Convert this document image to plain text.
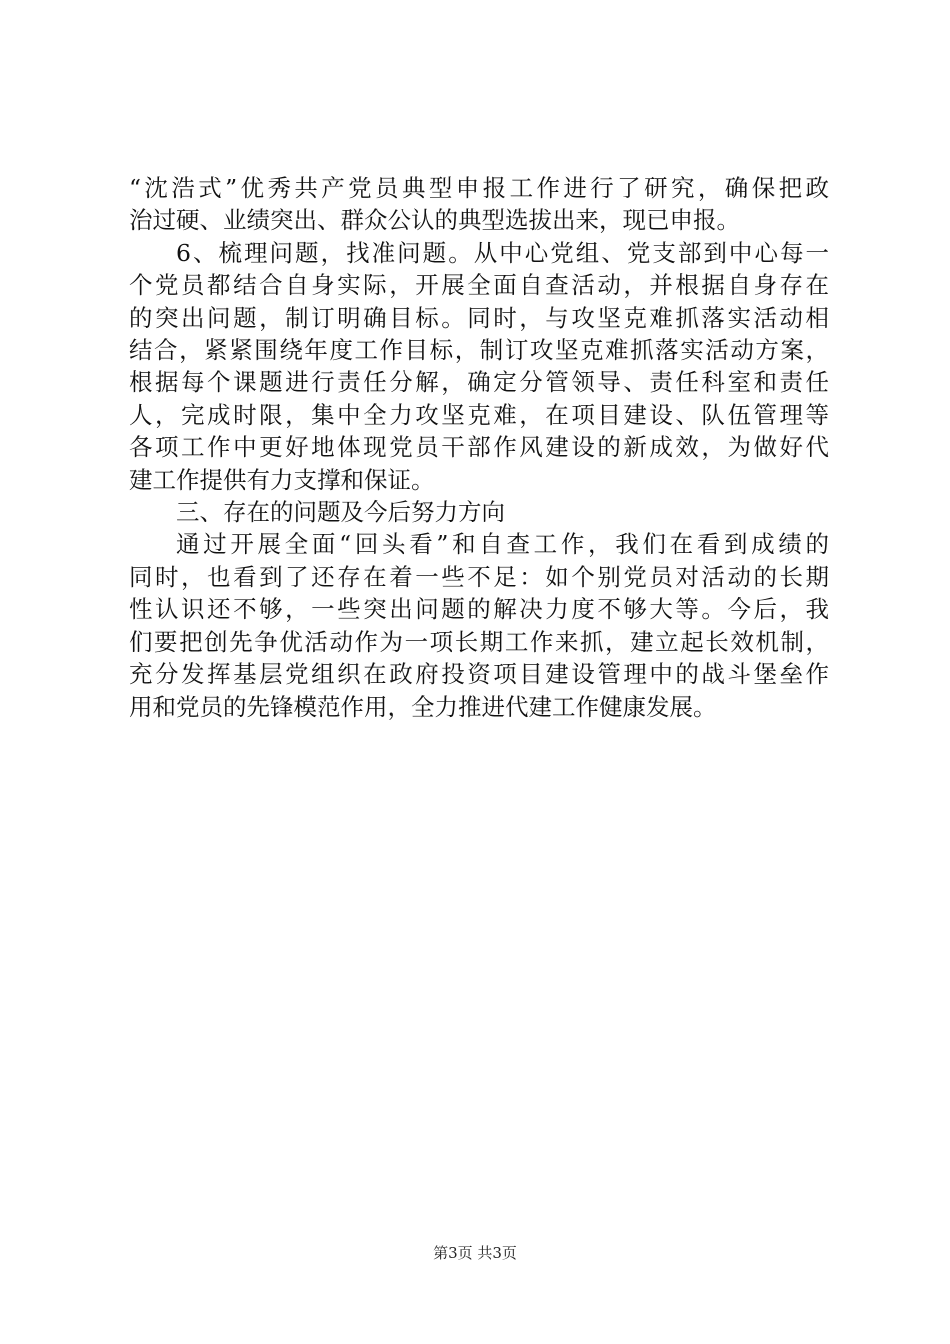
“沈浩式”优秀共产党员典型申报工作进行了研究，确保把政
治过硬、业绩突出、群众公认的典型选拔出来，现已申报。
6、梳理问题，找准问题。从中心党组、党支部到中心每一
个党员都结合自身实际，开展全面自查活动，并根据自身存在
的突出问题，制订明确目标。同时，与攻坚克难抓落实活动相
结合，紧紧围绕年度工作目标，制订攻坚克难抓落实活动方案，
根据每个课题进行责任分解，确定分管领导、责任科室和责任
人，完成时限，集中全力攻坚克难，在项目建设、队伍管理等
各项工作中更好地体现党员干部作风建设的新成效，为做好代
建工作提供有力支撑和保证。
三、存在的问题及今后努力方向
通过开展全面“回头看”和自查工作，我们在看到成绩的
同时，也看到了还存在着一些不足：如个别党员对活动的长期
性认识还不够，一些突出问题的解决力度不够大等。今后，我
们要把创先争优活动作为一项长期工作来抓，建立起长效机制，
充分发挥基层党组织在政府投资项目建设管理中的战斗堡垒作
用和党员的先锋模范作用，全力推进代建工作健康发展。
第3页 共3页
